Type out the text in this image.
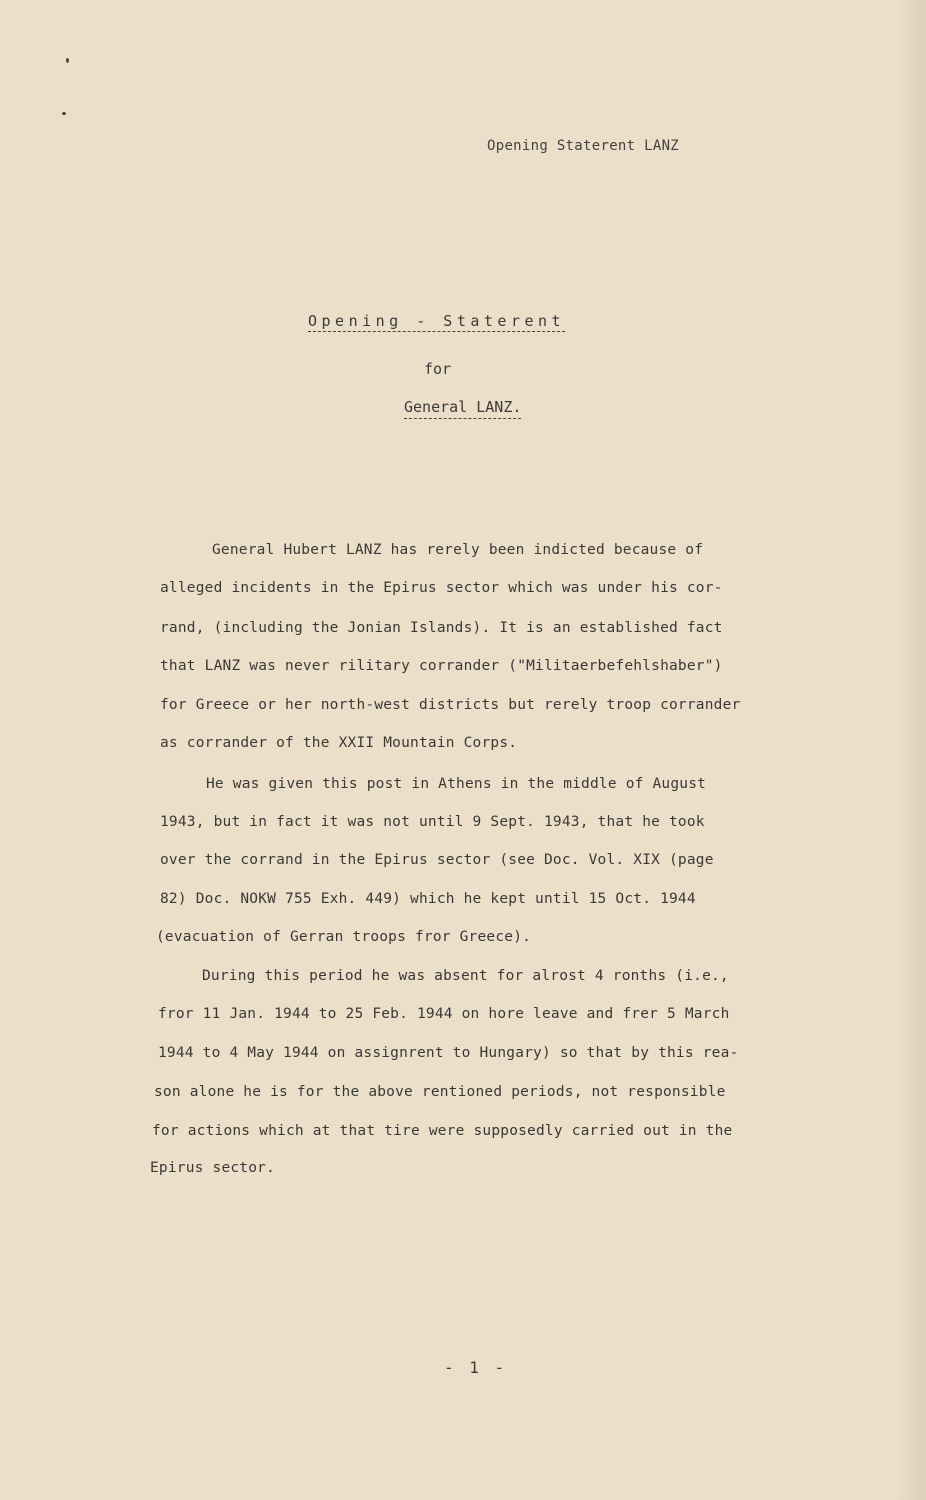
Opening Staterent LANZ
Opening - Staterent
for
General LANZ.
General Hubert LANZ has rerely been indicted because of
alleged incidents in the Epirus sector which was under his cor-
rand, (including the Jonian Islands). It is an established fact
that LANZ was never rilitary corrander ("Militaerbefehlshaber")
for Greece or her north-west districts but rerely troop corrander
as corrander of the XXII Mountain Corps.
He was given this post in Athens in the middle of August
1943, but in fact it was not until 9 Sept. 1943, that he took
over the corrand in the Epirus sector (see Doc. Vol. XIX (page
82) Doc. NOKW 755 Exh. 449) which he kept until 15 Oct. 1944
(evacuation of Gerran troops fror Greece).
During this period he was absent for alrost 4 ronths (i.e.,
fror 11 Jan. 1944 to 25 Feb. 1944 on hore leave and frer 5 March
1944 to 4 May 1944 on assignrent to Hungary) so that by this rea-
son alone he is for the above rentioned periods, not responsible
for actions which at that tire were supposedly carried out in the
Epirus sector.
- 1 -
